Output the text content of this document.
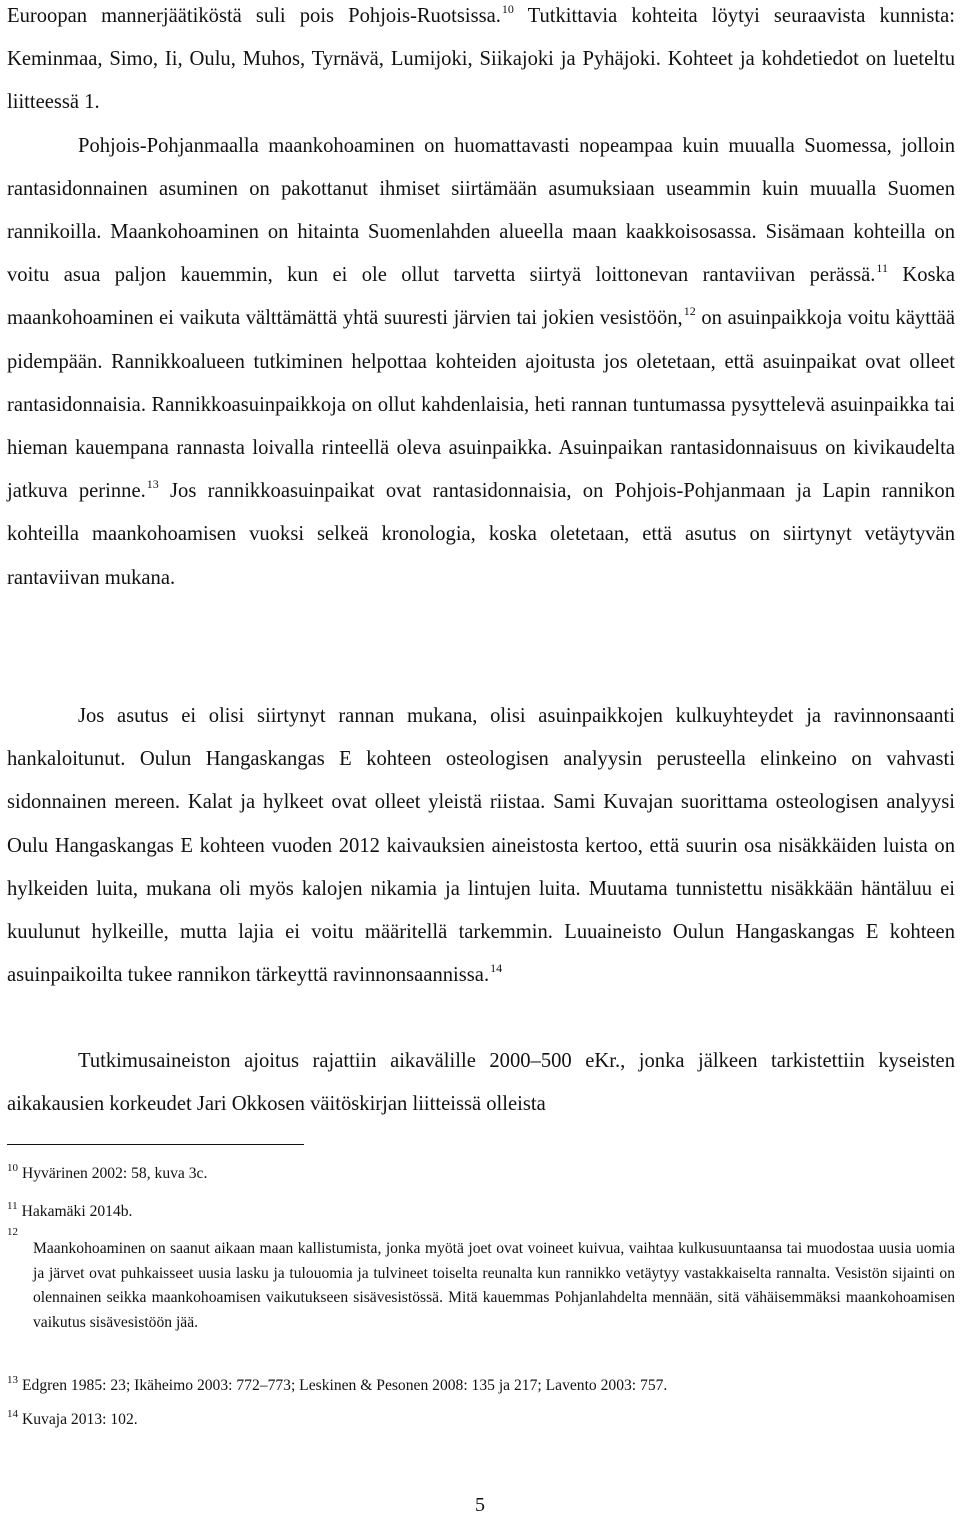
Euroopan mannerjäätiköstä suli pois Pohjois-Ruotsissa.$^{10}$ Tutkittavia kohteita löytyi seuraavista kunnista: Keminmaa, Simo, Ii, Oulu, Muhos, Tyrnävä, Lumijoki, Siikajoki ja Pyhäjoki. Kohteet ja kohdetiedot on lueteltu liitteessä 1.
Pohjois-Pohjanmaalla maankohoaminen on huomattavasti nopeampaa kuin muualla Suomessa, jolloin rantasidonnainen asuminen on pakottanut ihmiset siirtämään asumuksiaan useammin kuin muualla Suomen rannikoilla. Maankohoaminen on hitainta Suomenlahden alueella maan kaakkoisosassa. Sisämaan kohteilla on voitu asua paljon kauemmin, kun ei ole ollut tarvetta siirtyä loittonevan rantaviivan perässä.$^{11}$ Koska maankohoaminen ei vaikuta välttämättä yhtä suuresti järvien tai jokien vesistöön,$^{12}$ on asuinpaikkoja voitu käyttää pidempään. Rannikkoalueen tutkiminen helpottaa kohteiden ajoitusta jos oletetaan, että asuinpaikat ovat olleet rantasidonnaisia. Rannikkoasuinpaikkoja on ollut kahdenlaisia, heti rannan tuntumassa pysyttelevä asuinpaikka tai hieman kauempana rannasta loivalla rinteellä oleva asuinpaikka. Asuinpaikan rantasidonnaisuus on kivikaudelta jatkuva perinne.$^{13}$ Jos rannikkoasuinpaikat ovat rantasidonnaisia, on Pohjois-Pohjanmaan ja Lapin rannikon kohteilla maankohoamisen vuoksi selkeä kronologia, koska oletetaan, että asutus on siirtynyt vetäytyvän rantaviivan mukana.

Jos asutus ei olisi siirtynyt rannan mukana, olisi asuinpaikkojen kulkuyhteydet ja ravinnonsaanti hankaloitunut. Oulun Hangaskangas E kohteen osteologisen analyysin perusteella elinkeino on vahvasti sidonnainen mereen. Kalat ja hylkeet ovat olleet yleistä riistaa. Sami Kuvajan suorittama osteologisen analyysi Oulu Hangaskangas E kohteen vuoden 2012 kaivauksien aineistosta kertoo, että suurin osa nisäkkäiden luista on hylkeiden luita, mukana oli myös kalojen nikamia ja lintujen luita. Muutama tunnistettu nisäkkään häntäluu ei kuulunut hylkeille, mutta lajia ei voitu määritellä tarkemmin. Luuaineisto Oulun Hangaskangas E kohteen asuinpaikoilta tukee rannikon tärkeyttä ravinnonsaannissa.$^{14}$

Tutkimusaineiston ajoitus rajattiin aikavälille 2000–500 eKr., jonka jälkeen tarkistettiin kyseisten aikakausien korkeudet Jari Okkosen väitöskirjan liitteissä olleista

10 Hyvärinen 2002: 58, kuva 3c.

11 Hakamäki 2014b.

12
Maankohoaminen on saanut aikaan maan kallistumista, jonka myötä joet ovat voineet kuivua, vaihtaa kulkusuuntaansa tai muodostaa uusia uomia ja järvet ovat puhkaisseet uusia lasku ja tulouomia ja tulvineet toiselta reunalta kun rannikko vetäytyy vastakkaiselta rannalta. Vesistön sijainti on olennainen seikka maankohoamisen vaikutukseen sisävesistössä. Mitä kauemmas Pohjanlahdelta mennään, sitä vähäisemmäksi maankohoamisen vaikutus sisävesistöön jää.

13 Edgren 1985: 23; Ikäheimo 2003: 772–773; Leskinen & Pesonen 2008: 135 ja 217; Lavento 2003: 757.

14 Kuvaja 2013: 102.

5
